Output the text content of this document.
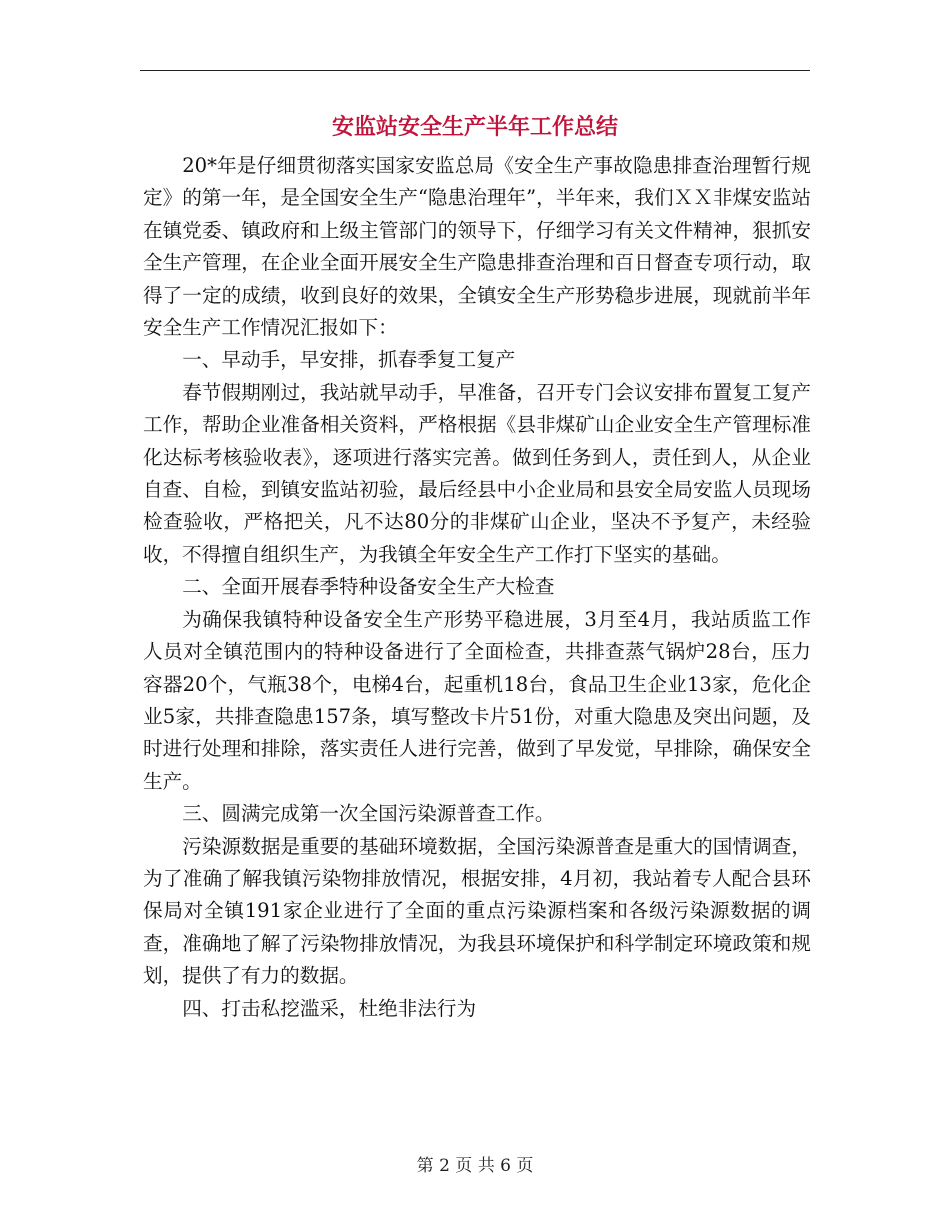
安监站安全生产半年工作总结

20*年是仔细贯彻落实国家安监总局《安全生产事故隐患排查治理暂行规定》的第一年，是全国安全生产“隐患治理年”，半年来，我们ＸＸ非煤安监站在镇党委、镇政府和上级主管部门的领导下，仔细学习有关文件精神，狠抓安全生产管理，在企业全面开展安全生产隐患排查治理和百日督查专项行动，取得了一定的成绩，收到良好的效果，全镇安全生产形势稳步进展，现就前半年安全生产工作情况汇报如下：

一、早动手，早安排，抓春季复工复产

春节假期刚过，我站就早动手，早准备，召开专门会议安排布置复工复产工作，帮助企业准备相关资料，严格根据《县非煤矿山企业安全生产管理标准化达标考核验收表》，逐项进行落实完善。做到任务到人，责任到人，从企业自查、自检，到镇安监站初验，最后经县中小企业局和县安全局安监人员现场检查验收，严格把关，凡不达80分的非煤矿山企业，坚决不予复产，未经验收，不得擅自组织生产，为我镇全年安全生产工作打下坚实的基础。

二、全面开展春季特种设备安全生产大检查

为确保我镇特种设备安全生产形势平稳进展，3月至4月，我站质监工作人员对全镇范围内的特种设备进行了全面检查，共排查蒸气锅炉28台，压力容器20个，气瓶38个，电梯4台，起重机18台，食品卫生企业13家，危化企业5家，共排查隐患157条，填写整改卡片51份，对重大隐患及突出问题，及时进行处理和排除，落实责任人进行完善，做到了早发觉，早排除，确保安全生产。

三、圆满完成第一次全国污染源普查工作。

污染源数据是重要的基础环境数据，全国污染源普查是重大的国情调查，为了准确了解我镇污染物排放情况，根据安排，4月初，我站着专人配合县环保局对全镇191家企业进行了全面的重点污染源档案和各级污染源数据的调查，准确地了解了污染物排放情况，为我县环境保护和科学制定环境政策和规划，提供了有力的数据。

四、打击私挖滥采，杜绝非法行为

第 2 页 共 6 页
